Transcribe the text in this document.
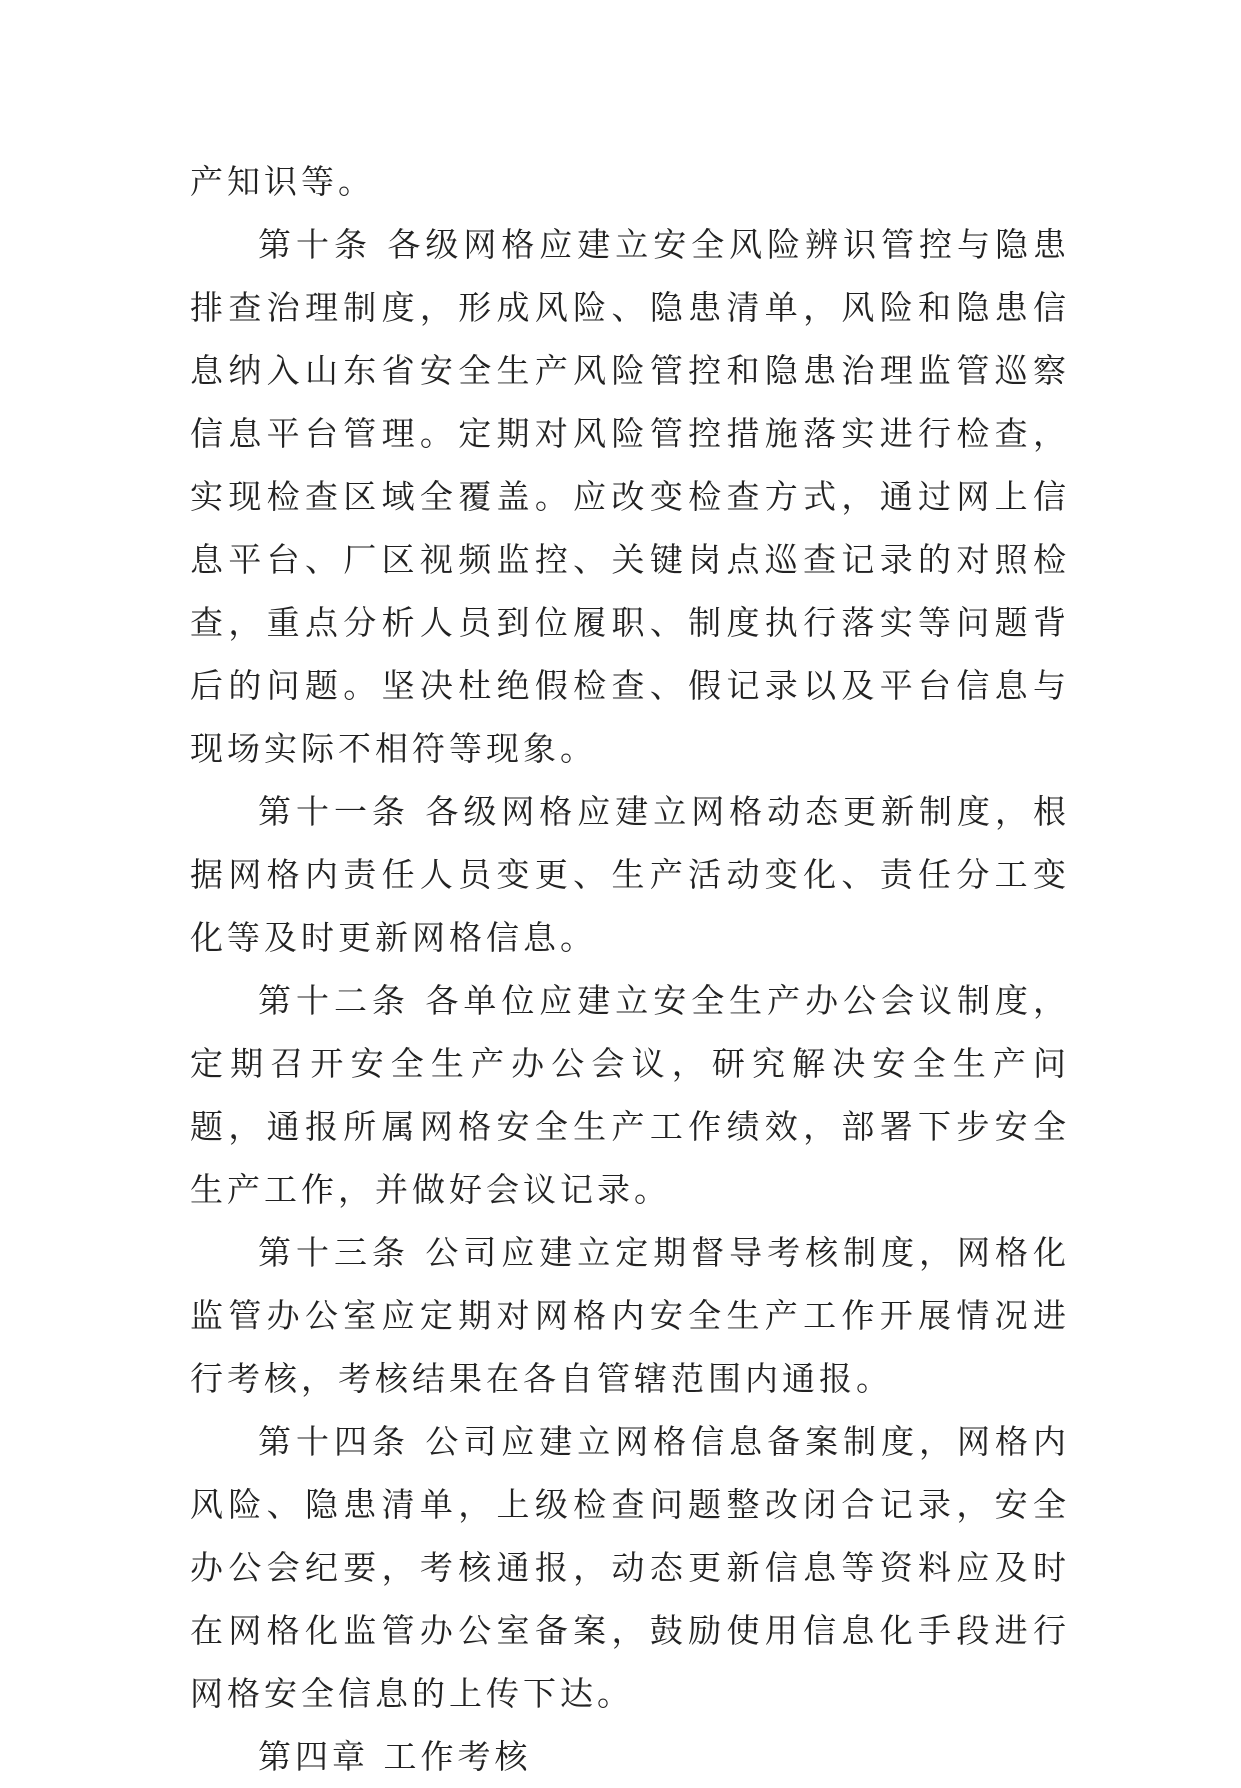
产知识等。

第十条 各级网格应建立安全风险辨识管控与隐患排查治理制度，形成风险、隐患清单，风险和隐患信息纳入山东省安全生产风险管控和隐患治理监管巡察信息平台管理。定期对风险管控措施落实进行检查，实现检查区域全覆盖。应改变检查方式，通过网上信息平台、厂区视频监控、关键岗点巡查记录的对照检查，重点分析人员到位履职、制度执行落实等问题背后的问题。坚决杜绝假检查、假记录以及平台信息与现场实际不相符等现象。

第十一条 各级网格应建立网格动态更新制度，根据网格内责任人员变更、生产活动变化、责任分工变化等及时更新网格信息。

第十二条 各单位应建立安全生产办公会议制度，定期召开安全生产办公会议，研究解决安全生产问题，通报所属网格安全生产工作绩效，部署下步安全生产工作，并做好会议记录。

第十三条 公司应建立定期督导考核制度，网格化监管办公室应定期对网格内安全生产工作开展情况进行考核，考核结果在各自管辖范围内通报。

第十四条 公司应建立网格信息备案制度，网格内风险、隐患清单，上级检查问题整改闭合记录，安全办公会纪要，考核通报，动态更新信息等资料应及时在网格化监管办公室备案，鼓励使用信息化手段进行网格安全信息的上传下达。

第四章 工作考核
